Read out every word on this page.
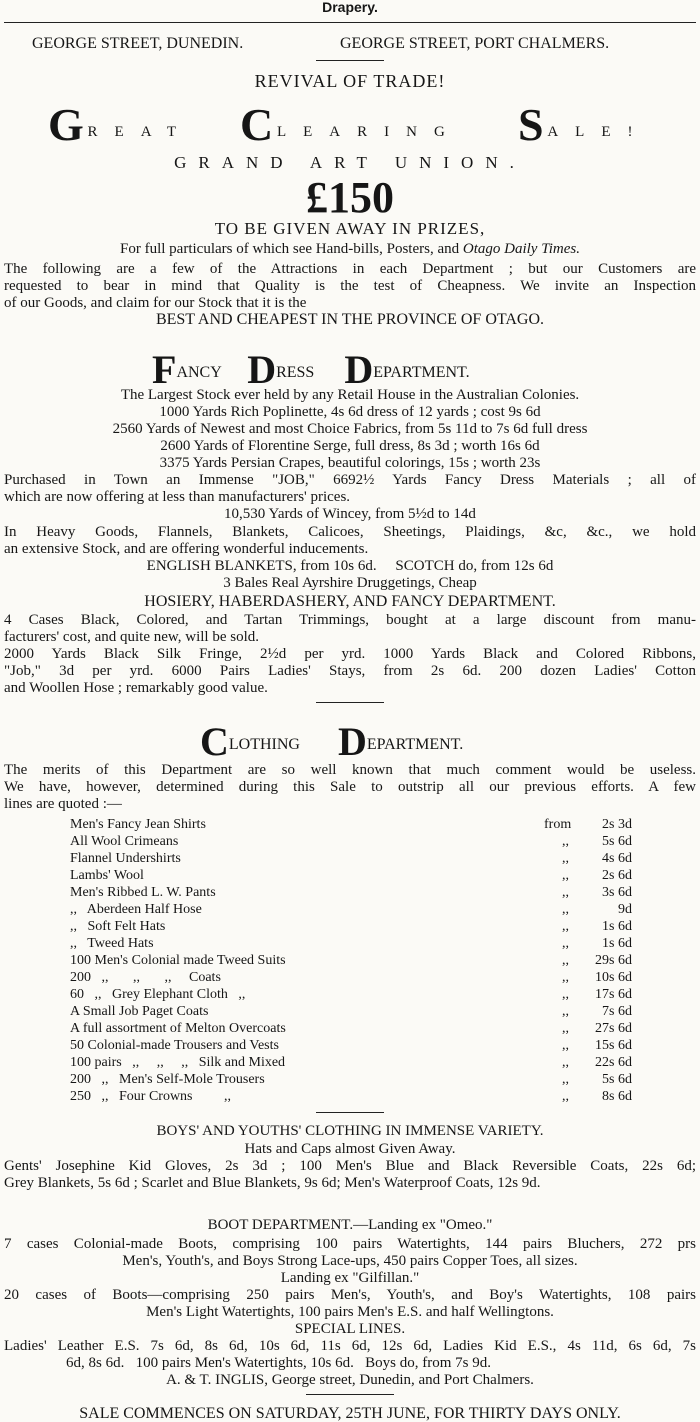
Drapery.
GEORGE STREET, DUNEDIN.	GEORGE STREET, PORT CHALMERS.
REVIVAL OF TRADE!
G REAT C LEARING S ALE!
GRAND ART UNION.
£150
TO BE GIVEN AWAY IN PRIZES,
For full particulars of which see Hand-bills, Posters, and Otago Daily Times.
The following are a few of the Attractions in each Department ; but our Customers are
requested to bear in mind that Quality is the test of Cheapness. We invite an Inspection
of our Goods, and claim for our Stock that it is the
BEST AND CHEAPEST IN THE PROVINCE OF OTAGO.
FANCY DRESS DEPARTMENT.
The Largest Stock ever held by any Retail House in the Australian Colonies.
1000 Yards Rich Poplinette, 4s 6d dress of 12 yards ; cost 9s 6d
2560 Yards of Newest and most Choice Fabrics, from 5s 11d to 7s 6d full dress
2600 Yards of Florentine Serge, full dress, 8s 3d ; worth 16s 6d
3375 Yards Persian Crapes, beautiful colorings, 15s ; worth 23s
Purchased in Town an Immense "JOB," 6692½ Yards Fancy Dress Materials ; all of
which are now offering at less than manufacturers' prices.
10,530 Yards of Wincey, from 5½d to 14d
In Heavy Goods, Flannels, Blankets, Calicoes, Sheetings, Plaidings, &c, &c., we hold
an extensive Stock, and are offering wonderful inducements.
ENGLISH BLANKETS, from 10s 6d.     SCOTCH do, from 12s 6d
3 Bales Real Ayrshire Druggetings, Cheap
HOSIERY, HABERDASHERY, AND FANCY DEPARTMENT.
4 Cases Black, Colored, and Tartan Trimmings, bought at a large discount from manu-
facturers' cost, and quite new, will be sold.
2000 Yards Black Silk Fringe, 2½d per yrd. 1000 Yards Black and Colored Ribbons,
"Job," 3d per yrd. 6000 Pairs Ladies' Stays, from 2s 6d. 200 dozen Ladies' Cotton
and Woollen Hose ; remarkably good value.
CLOTHING DEPARTMENT.
The merits of this Department are so well known that much comment would be useless.
We have, however, determined during this Sale to outstrip all our previous efforts. A few
lines are quoted :—
Men's Fancy Jean Shirts	from	2s 3d
All Wool Crimeans	,,	5s 6d
Flannel Undershirts	,,	4s 6d
Lambs' Wool	,,	2s 6d
Men's Ribbed L. W. Pants	,,	3s 6d
,,   Aberdeen Half Hose	,,	9d
,,   Soft Felt Hats	,,	1s 6d
,,   Tweed Hats	,,	1s 6d
100 Men's Colonial made Tweed Suits	,,	29s 6d
200   ,,       ,,       ,,     Coats	,,	10s 6d
60   ,,   Grey Elephant Cloth   ,,	,,	17s 6d
A Small Job Paget Coats	,,	7s 6d
A full assortment of Melton Overcoats	,,	27s 6d
50 Colonial-made Trousers and Vests	,,	15s 6d
100 pairs   ,,     ,,     ,,   Silk and Mixed	,,	22s 6d
200   ,,   Men's Self-Mole Trousers	,,	5s 6d
250   ,,   Four Crowns         ,,	,,	8s 6d
BOYS' AND YOUTHS' CLOTHING IN IMMENSE VARIETY.
Hats and Caps almost Given Away.
Gents' Josephine Kid Gloves, 2s 3d ; 100 Men's Blue and Black Reversible Coats, 22s 6d;
Grey Blankets, 5s 6d ; Scarlet and Blue Blankets, 9s 6d; Men's Waterproof Coats, 12s 9d.
BOOT DEPARTMENT.—Landing ex "Omeo."
7 cases Colonial-made Boots, comprising 100 pairs Watertights, 144 pairs Bluchers, 272 prs
Men's, Youth's, and Boys Strong Lace-ups, 450 pairs Copper Toes, all sizes.
Landing ex "Gilfillan."
20 cases of Boots—comprising 250 pairs Men's, Youth's, and Boy's Watertights, 108 pairs
Men's Light Watertights, 100 pairs Men's E.S. and half Wellingtons.
SPECIAL LINES.
Ladies' Leather E.S. 7s 6d, 8s 6d, 10s 6d, 11s 6d, 12s 6d, Ladies Kid E.S., 4s 11d, 6s 6d, 7s
6d, 8s 6d.   100 pairs Men's Watertights, 10s 6d.   Boys do, from 7s 9d.
A. & T. INGLIS, George street, Dunedin, and Port Chalmers.
SALE COMMENCES ON SATURDAY, 25TH JUNE, FOR THIRTY DAYS ONLY.
